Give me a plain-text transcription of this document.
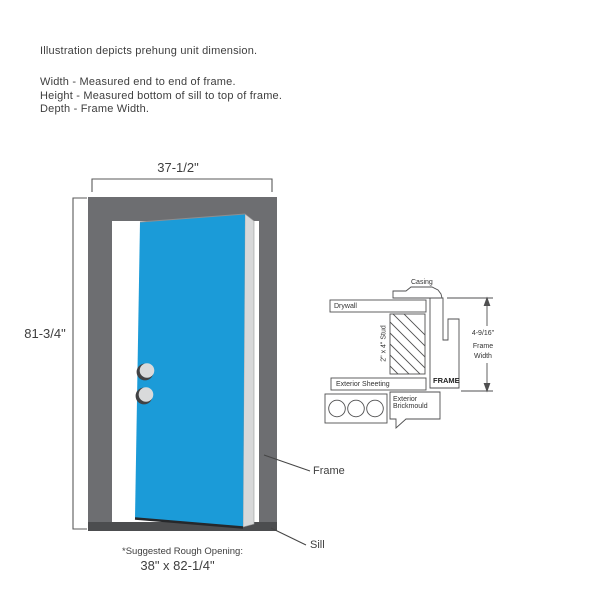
Illustration depicts prehung unit dimension.
Width - Measured end to end of frame.
Height - Measured bottom of sill to top of frame.
Depth - Frame Width.
37-1/2"
81-3/4"
Frame
Sill
*Suggested Rough Opening:
38" x 82-1/4"
Casing
Drywall
2" x 4" Stud
Exterior Sheeting	FRAME
Exterior
Brickmould
4-9/16"
Frame
Width
